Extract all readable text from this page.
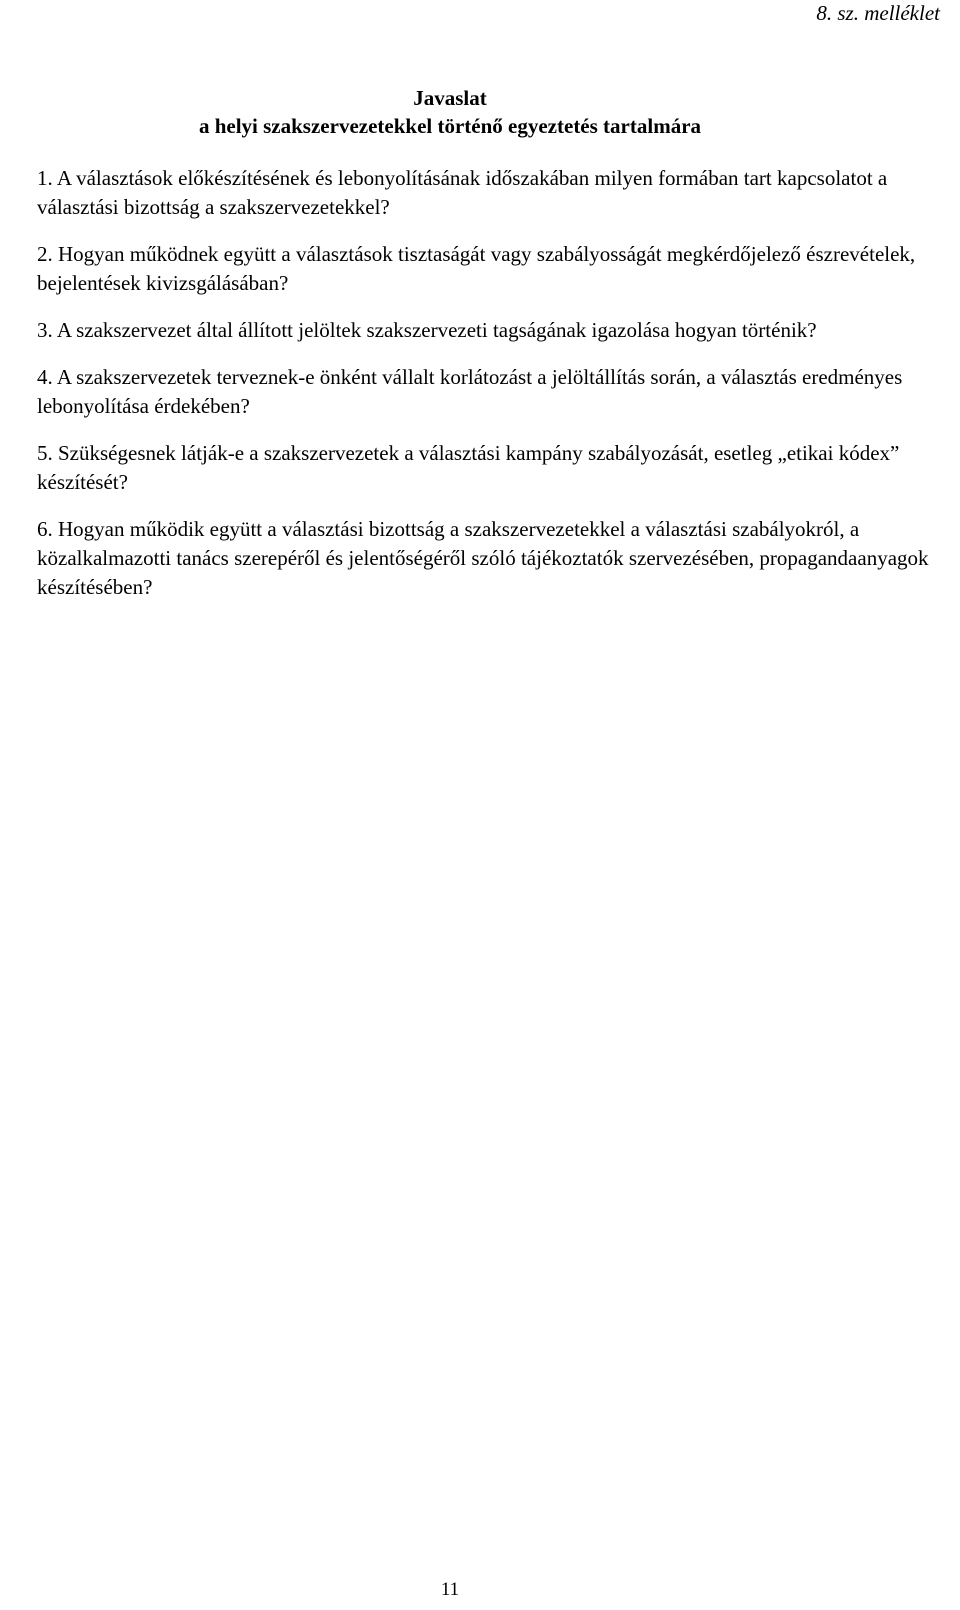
8. sz. melléklet
Javaslat
a helyi szakszervezetekkel történő egyeztetés tartalmára
1. A választások előkészítésének és lebonyolításának időszakában milyen formában tart kapcsolatot a választási bizottság a szakszervezetekkel?
2. Hogyan működnek együtt a választások tisztaságát vagy szabályosságát megkérdőjelező észrevételek, bejelentések kivizsgálásában?
3. A szakszervezet által állított jelöltek szakszervezeti tagságának igazolása hogyan történik?
4. A szakszervezetek terveznek-e önként vállalt korlátozást a jelöltállítás során, a választás eredményes lebonyolítása érdekében?
5. Szükségesnek látják-e a szakszervezetek a választási kampány szabályozását, esetleg „etikai kódex” készítését?
6. Hogyan működik együtt a választási bizottság a szakszervezetekkel a választási szabályokról, a közalkalmazotti tanács szerepéről és jelentőségéről szóló tájékoztatók szervezésében, propagandaanyagok készítésében?
11
